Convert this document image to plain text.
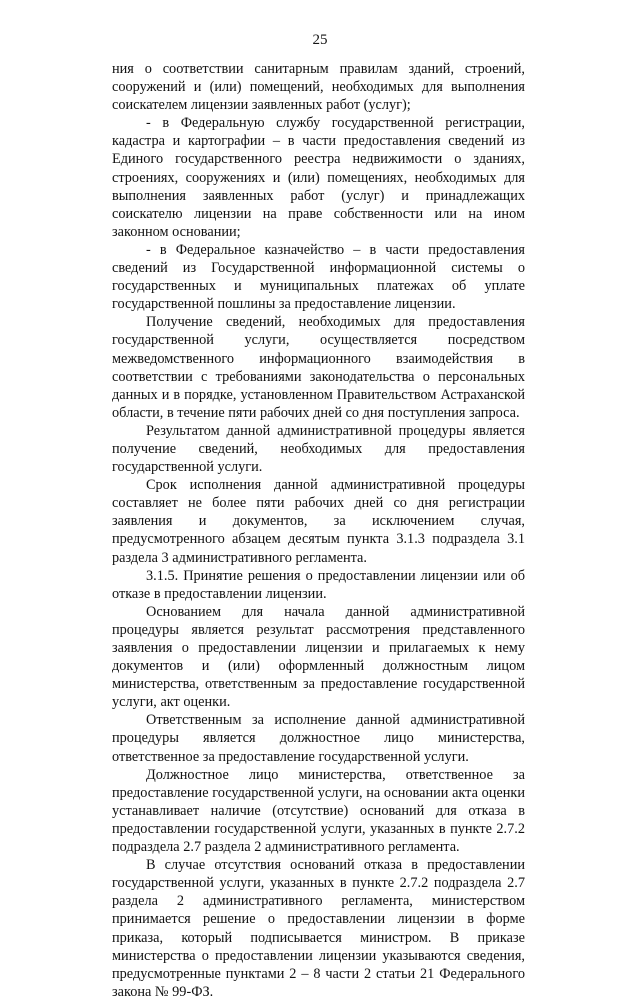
25

ния о соответствии санитарным правилам зданий, строений, сооружений и (или) помещений, необходимых для выполнения соискателем лицензии заявленных работ (услуг);

- в Федеральную службу государственной регистрации, кадастра и картографии – в части предоставления сведений из Единого государственного реестра недвижимости о зданиях, строениях, сооружениях и (или) помещениях, необходимых для выполнения заявленных работ (услуг) и принадлежащих соискателю лицензии на праве собственности или на ином законном основании;

- в Федеральное казначейство – в части предоставления сведений из Государственной информационной системы о государственных и муниципальных платежах об уплате государственной пошлины за предоставление лицензии.

Получение сведений, необходимых для предоставления государственной услуги, осуществляется посредством межведомственного информационного взаимодействия в соответствии с требованиями законодательства о персональных данных и в порядке, установленном Правительством Астраханской области, в течение пяти рабочих дней со дня поступления запроса.

Результатом данной административной процедуры является получение сведений, необходимых для предоставления государственной услуги.

Срок исполнения данной административной процедуры составляет не более пяти рабочих дней со дня регистрации заявления и документов, за исключением случая, предусмотренного абзацем десятым пункта 3.1.3 подраздела 3.1 раздела 3 административного регламента.

3.1.5. Принятие решения о предоставлении лицензии или об отказе в предоставлении лицензии.

Основанием для начала данной административной процедуры является результат рассмотрения представленного заявления о предоставлении лицензии и прилагаемых к нему документов и (или) оформленный должностным лицом министерства, ответственным за предоставление государственной услуги, акт оценки.

Ответственным за исполнение данной административной процедуры является должностное лицо министерства, ответственное за предоставление государственной услуги.

Должностное лицо министерства, ответственное за предоставление государственной услуги, на основании акта оценки устанавливает наличие (отсутствие) оснований для отказа в предоставлении государственной услуги, указанных в пункте 2.7.2 подраздела 2.7 раздела 2 административного регламента.

В случае отсутствия оснований отказа в предоставлении государственной услуги, указанных в пункте 2.7.2 подраздела 2.7 раздела 2 административного регламента, министерством принимается решение о предоставлении лицензии в форме приказа, который подписывается министром. В приказе министерства о предоставлении лицензии указываются сведения, предусмотренные пунктами 2 – 8 части 2 статьи 21 Федерального закона № 99-ФЗ.
